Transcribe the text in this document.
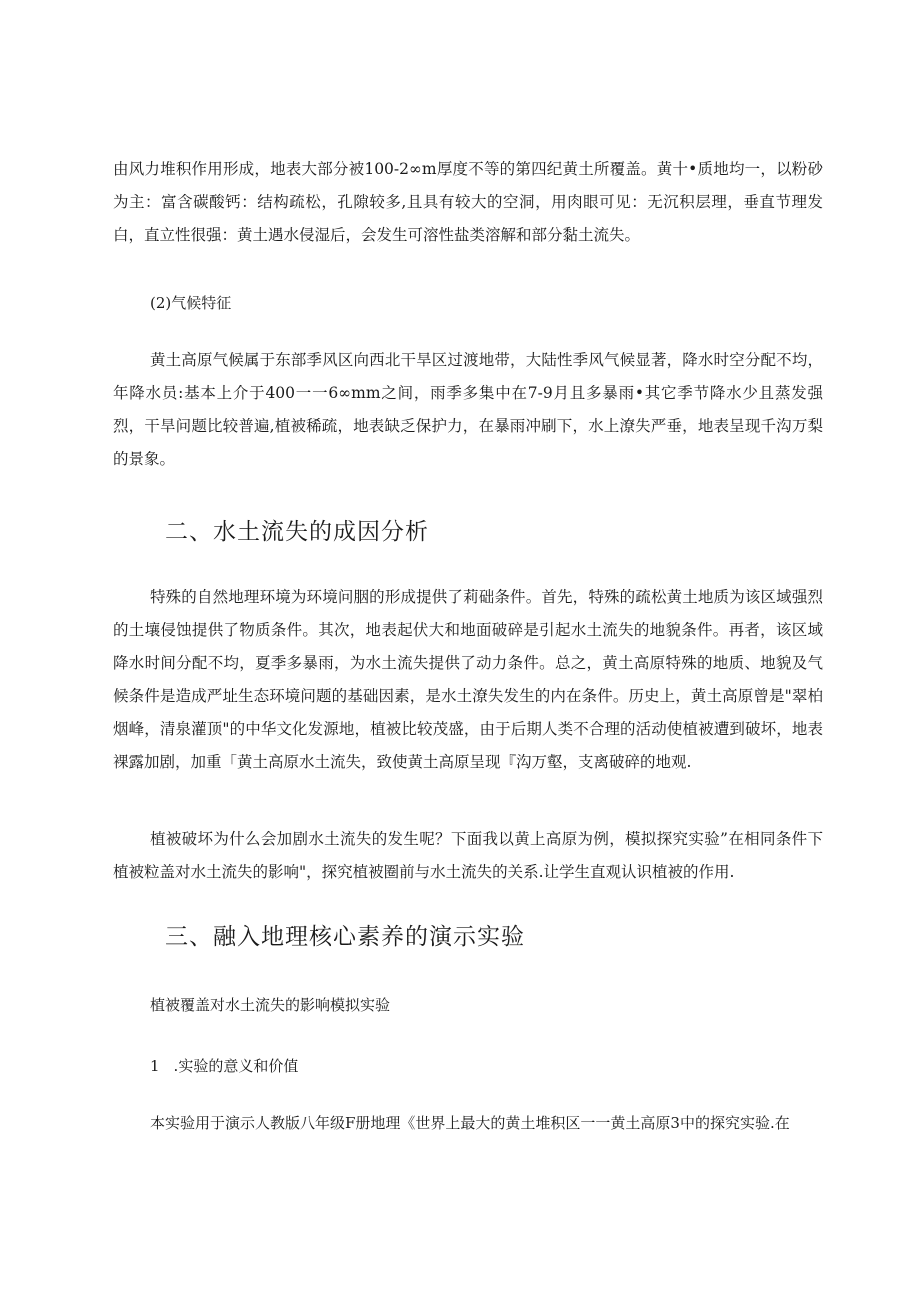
由风力堆积作用形成，地表大部分被100-2∞m厚度不等的第四纪黄土所覆盖。黄十•质地均一，以粉砂为主：富含碳酸钙：结构疏松，孔隙较多,且具有较大的空洞，用肉眼可见：无沉积层理，垂直节理发白，直立性很强：黄土遇水侵湿后，会发生可溶性盐类溶解和部分黏土流失。

(2)气候特征

黄土高原气候属于东部季风区向西北干旱区过渡地带，大陆性季风气候显著，降水时空分配不均，年降水员:基本上介于400一一6∞mm之间，雨季多集中在7-9月且多暴雨•其它季节降水少且蒸发强烈，干旱问题比较普遍,植被稀疏，地表缺乏保护力，在暴雨冲刷下，水上潦失严垂，地表呈现千沟万梨的景象。

二、水土流失的成因分析

特殊的自然地理环境为环境问胭的形成提供了莉础条件。首先，特殊的疏松黄土地质为该区域强烈的土壤侵蚀提供了物质条件。其次，地表起伏大和地面破碎是引起水土流失的地貌条件。再者，该区域降水时间分配不均，夏季多暴雨，为水土流失提供了动力条件。总之，黄土高原特殊的地质、地貌及气候条件是造成严址生态环境问题的基础因素，是水土潦失发生的内在条件。历史上，黄土高原曾是"翠柏烟峰，清泉灌顶"的中华文化发源地，植被比较茂盛，由于后期人类不合理的活动使植被遭到破坏，地表裸露加剧，加重「黄土高原水土流失，致使黄土高原呈现『沟万壑，支离破碎的地观.

植被破坏为什么会加剧水土流失的发生呢？下面我以黄上高原为例，模拟探究实验”在相同条件下植被粒盖对水土流失的影响"，探究植被圈前与水土流失的关系.让学生直观认识植被的作用.

三、融入地理核心素养的演示实验

植被覆盖对水土流失的影响模拟实验

1 .实验的意义和价值

本实验用于演示人教版八年级F册地理《世界上最大的黄土堆积区一一黄土高原3中的探究实验.在
